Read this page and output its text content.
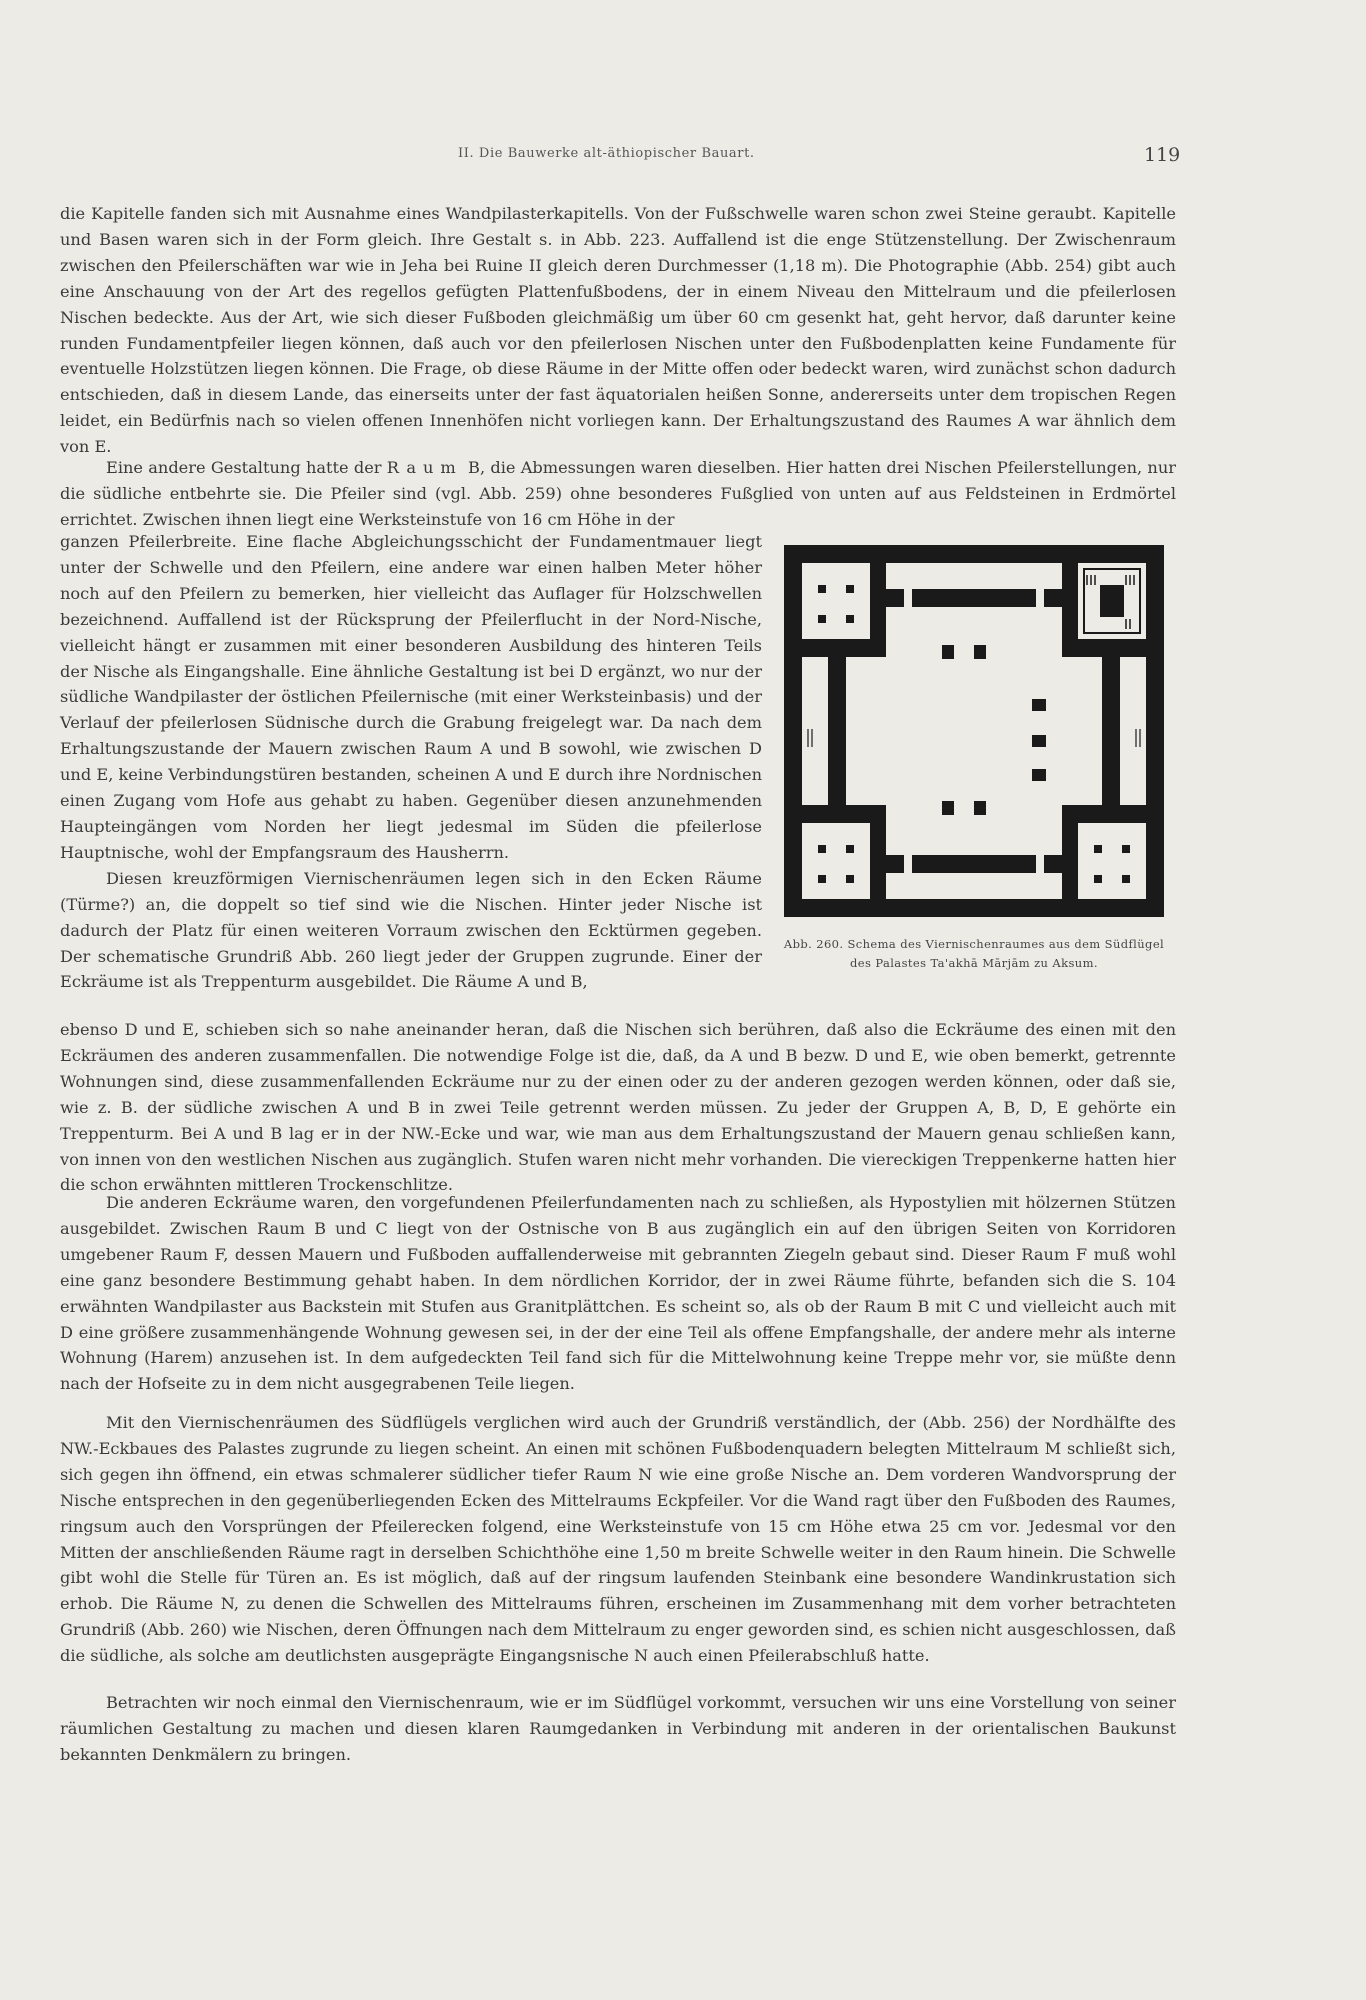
II. Die Bauwerke alt-äthiopischer Bauart.	119

die Kapitelle fanden sich mit Ausnahme eines Wandpilasterkapitells. Von der Fußschwelle waren schon zwei Steine geraubt. Kapitelle und Basen waren sich in der Form gleich. Ihre Gestalt s. in Abb. 223. Auffallend ist die enge Stützenstellung. Der Zwischenraum zwischen den Pfeilerschäften war wie in Jeha bei Ruine II gleich deren Durchmesser (1,18 m). Die Photographie (Abb. 254) gibt auch eine Anschauung von der Art des regellos gefügten Plattenfußbodens, der in einem Niveau den Mittelraum und die pfeilerlosen Nischen bedeckte. Aus der Art, wie sich dieser Fußboden gleichmäßig um über 60 cm gesenkt hat, geht hervor, daß darunter keine runden Fundamentpfeiler liegen können, daß auch vor den pfeilerlosen Nischen unter den Fußbodenplatten keine Fundamente für eventuelle Holzstützen liegen können. Die Frage, ob diese Räume in der Mitte offen oder bedeckt waren, wird zunächst schon dadurch entschieden, daß in diesem Lande, das einerseits unter der fast äquatorialen heißen Sonne, andererseits unter dem tropischen Regen leidet, ein Bedürfnis nach so vielen offenen Innenhöfen nicht vorliegen kann. Der Erhaltungszustand des Raumes A war ähnlich dem von E.

Eine andere Gestaltung hatte der Raum B, die Abmessungen waren dieselben. Hier hatten drei Nischen Pfeilerstellungen, nur die südliche entbehrte sie. Die Pfeiler sind (vgl. Abb. 259) ohne besonderes Fußglied von unten auf aus Feldsteinen in Erdmörtel errichtet. Zwischen ihnen liegt eine Werksteinstufe von 16 cm Höhe in der

ganzen Pfeilerbreite. Eine flache Abgleichungsschicht der Fundamentmauer liegt unter der Schwelle und den Pfeilern, eine andere war einen halben Meter höher noch auf den Pfeilern zu bemerken, hier vielleicht das Auflager für Holzschwellen bezeichnend. Auffallend ist der Rücksprung der Pfeilerflucht in der Nord-Nische, vielleicht hängt er zusammen mit einer besonderen Ausbildung des hinteren Teils der Nische als Eingangshalle. Eine ähnliche Gestaltung ist bei D ergänzt, wo nur der südliche Wandpilaster der östlichen Pfeilernische (mit einer Werksteinbasis) und der Verlauf der pfeilerlosen Südnische durch die Grabung freigelegt war. Da nach dem Erhaltungszustande der Mauern zwischen Raum A und B sowohl, wie zwischen D und E, keine Verbindungstüren bestanden, scheinen A und E durch ihre Nordnischen einen Zugang vom Hofe aus gehabt zu haben. Gegenüber diesen anzunehmenden Haupteingängen vom Norden her liegt jedesmal im Süden die pfeilerlose Hauptnische, wohl der Empfangsraum des Hausherrn.
Diesen kreuzförmigen Viernischenräumen legen sich in den Ecken Räume (Türme?) an, die doppelt so tief sind wie die Nischen. Hinter jeder Nische ist dadurch der Platz für einen weiteren Vorraum zwischen den Ecktürmen gegeben. Der schematische Grundriß Abb. 260 liegt jeder der Gruppen zugrunde. Einer der Eckräume ist als Treppenturm ausgebildet. Die Räume A und B,
Abb. 260. Schema des Viernischenraumes aus dem Südflügel des Palastes Ta'akhā Mārjām zu Aksum.

ebenso D und E, schieben sich so nahe aneinander heran, daß die Nischen sich berühren, daß also die Eckräume des einen mit den Eckräumen des anderen zusammenfallen. Die notwendige Folge ist die, daß, da A und B bezw. D und E, wie oben bemerkt, getrennte Wohnungen sind, diese zusammenfallenden Eckräume nur zu der einen oder zu der anderen gezogen werden können, oder daß sie, wie z. B. der südliche zwischen A und B in zwei Teile getrennt werden müssen. Zu jeder der Gruppen A, B, D, E gehörte ein Treppenturm. Bei A und B lag er in der NW.-Ecke und war, wie man aus dem Erhaltungszustand der Mauern genau schließen kann, von innen von den westlichen Nischen aus zugänglich. Stufen waren nicht mehr vorhanden. Die viereckigen Treppenkerne hatten hier die schon erwähnten mittleren Trockenschlitze.

Die anderen Eckräume waren, den vorgefundenen Pfeilerfundamenten nach zu schließen, als Hypostylien mit hölzernen Stützen ausgebildet. Zwischen Raum B und C liegt von der Ostnische von B aus zugänglich ein auf den übrigen Seiten von Korridoren umgebener Raum F, dessen Mauern und Fußboden auffallenderweise mit gebrannten Ziegeln gebaut sind. Dieser Raum F muß wohl eine ganz besondere Bestimmung gehabt haben. In dem nördlichen Korridor, der in zwei Räume führte, befanden sich die S. 104 erwähnten Wandpilaster aus Backstein mit Stufen aus Granitplättchen. Es scheint so, als ob der Raum B mit C und vielleicht auch mit D eine größere zusammenhängende Wohnung gewesen sei, in der der eine Teil als offene Empfangshalle, der andere mehr als interne Wohnung (Harem) anzusehen ist. In dem aufgedeckten Teil fand sich für die Mittelwohnung keine Treppe mehr vor, sie müßte denn nach der Hofseite zu in dem nicht ausgegrabenen Teile liegen.

Mit den Viernischenräumen des Südflügels verglichen wird auch der Grundriß verständlich, der (Abb. 256) der Nordhälfte des NW.-Eckbaues des Palastes zugrunde zu liegen scheint. An einen mit schönen Fußbodenquadern belegten Mittelraum M schließt sich, sich gegen ihn öffnend, ein etwas schmalerer südlicher tiefer Raum N wie eine große Nische an. Dem vorderen Wandvorsprung der Nische entsprechen in den gegenüberliegenden Ecken des Mittelraums Eckpfeiler. Vor die Wand ragt über den Fußboden des Raumes, ringsum auch den Vorsprüngen der Pfeilerecken folgend, eine Werksteinstufe von 15 cm Höhe etwa 25 cm vor. Jedesmal vor den Mitten der anschließenden Räume ragt in derselben Schichthöhe eine 1,50 m breite Schwelle weiter in den Raum hinein. Die Schwelle gibt wohl die Stelle für Türen an. Es ist möglich, daß auf der ringsum laufenden Steinbank eine besondere Wandinkrustation sich erhob. Die Räume N, zu denen die Schwellen des Mittelraums führen, erscheinen im Zusammenhang mit dem vorher betrachteten Grundriß (Abb. 260) wie Nischen, deren Öffnungen nach dem Mittelraum zu enger geworden sind, es schien nicht ausgeschlossen, daß die südliche, als solche am deutlichsten ausgeprägte Eingangsnische N auch einen Pfeilerabschluß hatte.

Betrachten wir noch einmal den Viernischenraum, wie er im Südflügel vorkommt, versuchen wir uns eine Vorstellung von seiner räumlichen Gestaltung zu machen und diesen klaren Raumgedanken in Verbindung mit anderen in der orientalischen Baukunst bekannten Denkmälern zu bringen.
